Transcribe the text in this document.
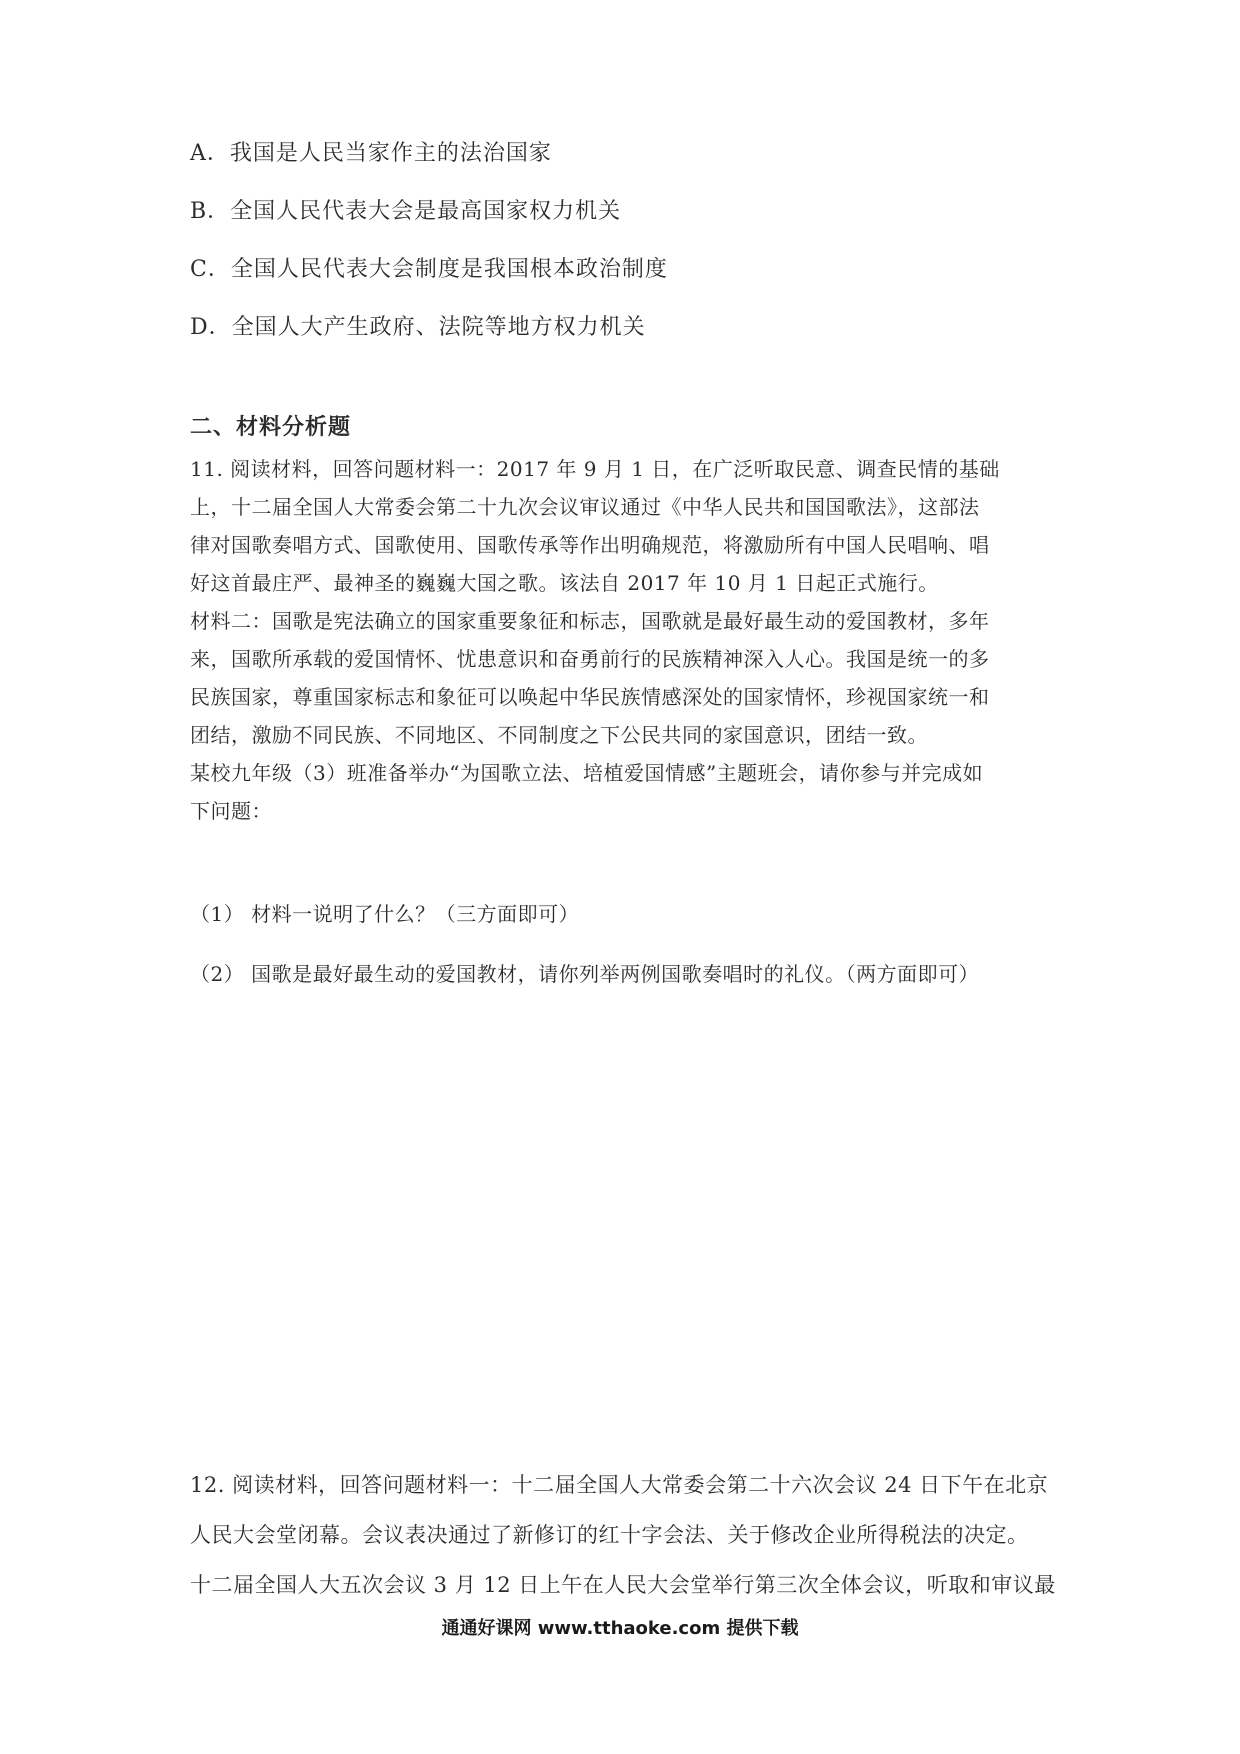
A．我国是人民当家作主的法治国家
B．全国人民代表大会是最高国家权力机关
C．全国人民代表大会制度是我国根本政治制度
D．全国人大产生政府、法院等地方权力机关
二、材料分析题
11. 阅读材料，回答问题材料一：2017 年 9 月 1 日，在广泛听取民意、调查民情的基础
上，十二届全国人大常委会第二十九次会议审议通过《中华人民共和国国歌法》，这部法
律对国歌奏唱方式、国歌使用、国歌传承等作出明确规范，将激励所有中国人民唱响、唱
好这首最庄严、最神圣的巍巍大国之歌。该法自 2017 年 10 月 1 日起正式施行。
材料二：国歌是宪法确立的国家重要象征和标志，国歌就是最好最生动的爱国教材，多年
来，国歌所承载的爱国情怀、忧患意识和奋勇前行的民族精神深入人心。我国是统一的多
民族国家，尊重国家标志和象征可以唤起中华民族情感深处的国家情怀，珍视国家统一和
团结，激励不同民族、不同地区、不同制度之下公民共同的家国意识，团结一致。
某校九年级（3）班准备举办“为国歌立法、培植爱国情感”主题班会，请你参与并完成如
下问题：
（1） 材料一说明了什么？（三方面即可）
（2） 国歌是最好最生动的爱国教材，请你列举两例国歌奏唱时的礼仪。（两方面即可）
12. 阅读材料，回答问题材料一：十二届全国人大常委会第二十六次会议 24 日下午在北京
人民大会堂闭幕。会议表决通过了新修订的红十字会法、关于修改企业所得税法的决定。
十二届全国人大五次会议 3 月 12 日上午在人民大会堂举行第三次全体会议，听取和审议最
通通好课网 www.tthaoke.com 提供下载
